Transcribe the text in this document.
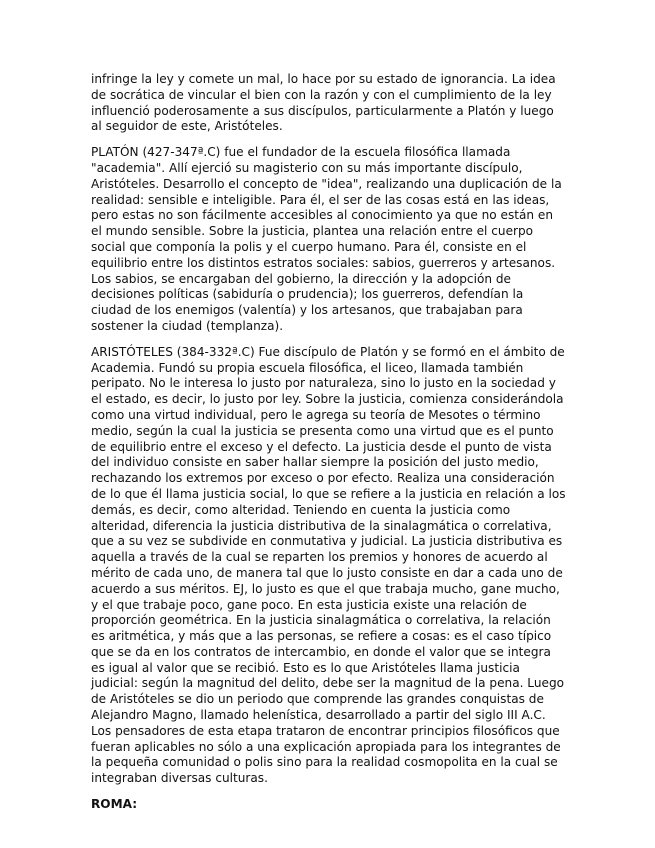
infringe la ley y comete un mal, lo hace por su estado de ignorancia. La idea de socrática de vincular el bien con la razón y con el cumplimiento de la ley influenció poderosamente a sus discípulos, particularmente a Platón y luego al seguidor de este, Aristóteles.

PLATÓN (427-347ª.C) fue el fundador de la escuela filosófica llamada "academia". Allí ejerció su magisterio con su más importante discípulo, Aristóteles. Desarrollo el concepto de "idea", realizando una duplicación de la realidad: sensible e inteligible. Para él, el ser de las cosas está en las ideas, pero estas no son fácilmente accesibles al conocimiento ya que no están en el mundo sensible. Sobre la justicia, plantea una relación entre el cuerpo social que componía la polis y el cuerpo humano. Para él, consiste en el equilibrio entre los distintos estratos sociales: sabios, guerreros y artesanos. Los sabios, se encargaban del gobierno, la dirección y la adopción de decisiones políticas (sabiduría o prudencia); los guerreros, defendían la ciudad de los enemigos (valentía) y los artesanos, que trabajaban para sostener la ciudad (templanza).

ARISTÓTELES (384-332ª.C) Fue discípulo de Platón y se formó en el ámbito de Academia. Fundó su propia escuela filosófica, el liceo, llamada también peripato. No le interesa lo justo por naturaleza, sino lo justo en la sociedad y el estado, es decir, lo justo por ley. Sobre la justicia, comienza considerándola como una virtud individual, pero le agrega su teoría de Mesotes o término medio, según la cual la justicia se presenta como una virtud que es el punto de equilibrio entre el exceso y el defecto. La justicia desde el punto de vista del individuo consiste en saber hallar siempre la posición del justo medio, rechazando los extremos por exceso o por efecto. Realiza una consideración de lo que él llama justicia social, lo que se refiere a la justicia en relación a los demás, es decir, como alteridad. Teniendo en cuenta la justicia como alteridad, diferencia la justicia distributiva de la sinalagmática o correlativa, que a su vez se subdivide en conmutativa y judicial. La justicia distributiva es aquella a través de la cual se reparten los premios y honores de acuerdo al mérito de cada uno, de manera tal que lo justo consiste en dar a cada uno de acuerdo a sus méritos. EJ, lo justo es que el que trabaja mucho, gane mucho, y el que trabaje poco, gane poco. En esta justicia existe una relación de proporción geométrica. En la justicia sinalagmática o correlativa, la relación es aritmética, y más que a las personas, se refiere a cosas: es el caso típico que se da en los contratos de intercambio, en donde el valor que se integra es igual al valor que se recibió. Esto es lo que Aristóteles llama justicia judicial: según la magnitud del delito, debe ser la magnitud de la pena. Luego de Aristóteles se dio un periodo que comprende las grandes conquistas de Alejandro Magno, llamado helenística, desarrollado a partir del siglo III A.C. Los pensadores de esta etapa trataron de encontrar principios filosóficos que fueran aplicables no sólo a una explicación apropiada para los integrantes de la pequeña comunidad o polis sino para la realidad cosmopolita en la cual se integraban diversas culturas.

ROMA:
